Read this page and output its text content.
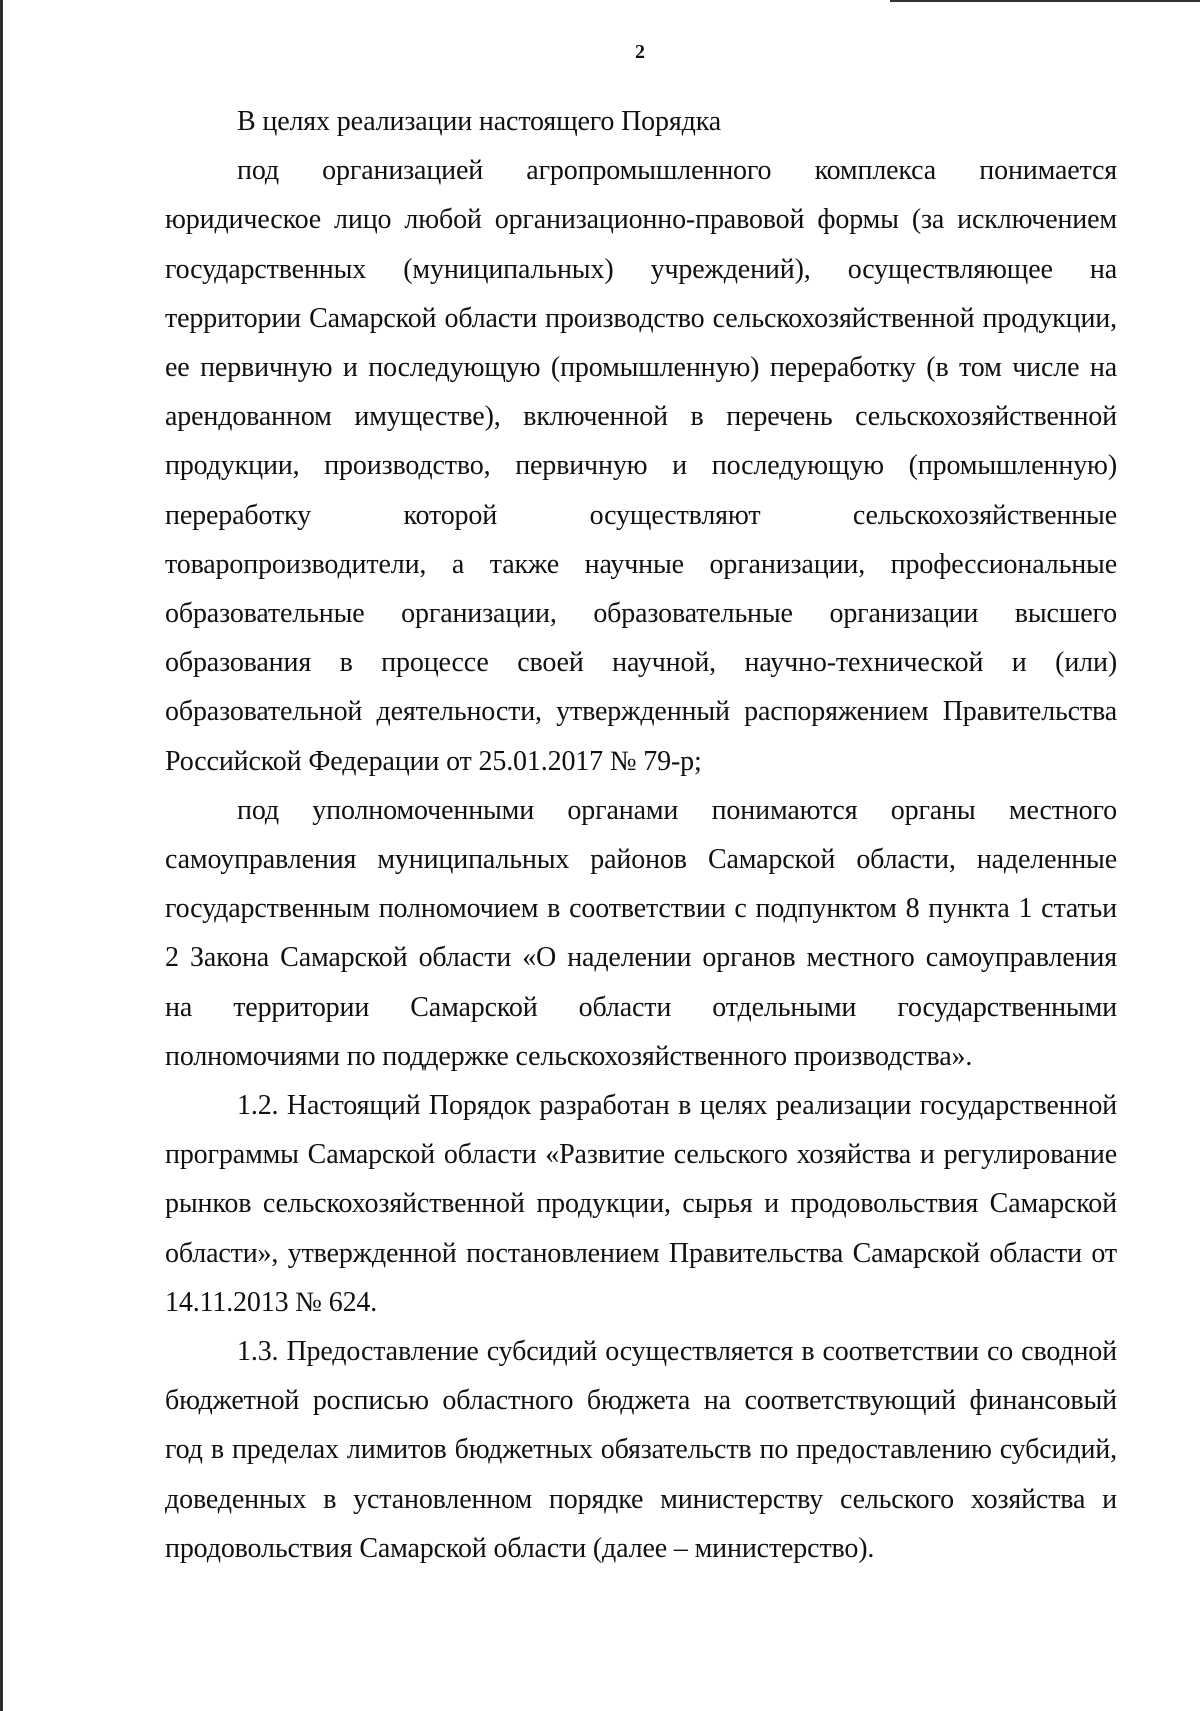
2

В целях реализации настоящего Порядка

под организацией агропромышленного комплекса понимается юридическое лицо любой организационно-правовой формы (за исключением государственных (муниципальных) учреждений), осуществляющее на территории Самарской области производство сельскохозяйственной продукции, ее первичную и последующую (промышленную) переработку (в том числе на арендованном имуществе), включенной в перечень сельскохозяйственной продукции, производство, первичную и последующую (промышленную) переработку которой осуществляют сельскохозяйственные товаропроизводители, а также научные организации, профессиональные образовательные организации, образовательные организации высшего образования в процессе своей научной, научно-технической и (или) образовательной деятельности, утвержденный распоряжением Правительства Российской Федерации от 25.01.2017 № 79-р;

под уполномоченными органами понимаются органы местного самоуправления муниципальных районов Самарской области, наделенные государственным полномочием в соответствии с подпунктом 8 пункта 1 статьи 2 Закона Самарской области «О наделении органов местного самоуправления на территории Самарской области отдельными государственными полномочиями по поддержке сельскохозяйственного производства».

1.2. Настоящий Порядок разработан в целях реализации государственной программы Самарской области «Развитие сельского хозяйства и регулирование рынков сельскохозяйственной продукции, сырья и продовольствия Самарской области», утвержденной постановлением Правительства Самарской области от 14.11.2013 № 624.

1.3. Предоставление субсидий осуществляется в соответствии со сводной бюджетной росписью областного бюджета на соответствующий финансовый год в пределах лимитов бюджетных обязательств по предоставлению субсидий, доведенных в установленном порядке министерству сельского хозяйства и продовольствия Самарской области (далее – министерство).
